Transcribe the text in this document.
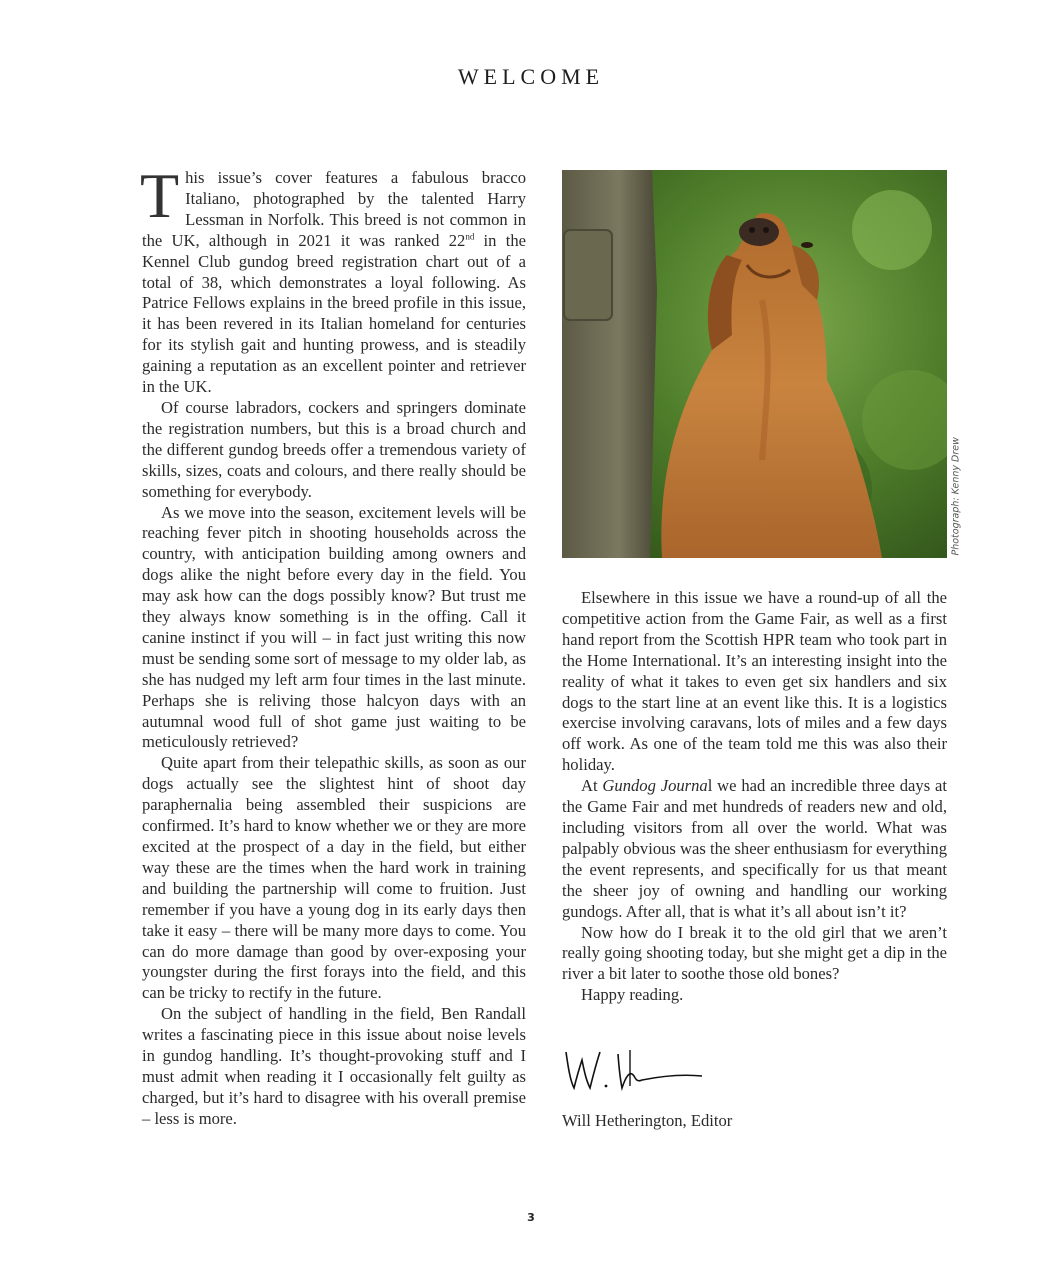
WELCOME

This issue’s cover features a fabulous bracco Italiano, photographed by the talented Harry Lessman in Norfolk. This breed is not common in the UK, although in 2021 it was ranked 22nd in the Kennel Club gundog breed registration chart out of a total of 38, which demonstrates a loyal following. As Patrice Fellows explains in the breed profile in this issue, it has been revered in its Italian homeland for centuries for its stylish gait and hunting prowess, and is steadily gaining a reputation as an excellent pointer and retriever in the UK.

Of course labradors, cockers and springers dominate the registration numbers, but this is a broad church and the different gundog breeds offer a tremendous variety of skills, sizes, coats and colours, and there really should be something for everybody.

As we move into the season, excitement levels will be reaching fever pitch in shooting households across the country, with anticipation building among owners and dogs alike the night before every day in the field. You may ask how can the dogs possibly know? But trust me they always know something is in the offing. Call it canine instinct if you will – in fact just writing this now must be sending some sort of message to my older lab, as she has nudged my left arm four times in the last minute. Perhaps she is reliving those halcyon days with an autumnal wood full of shot game just waiting to be meticulously retrieved?

Quite apart from their telepathic skills, as soon as our dogs actually see the slightest hint of shoot day paraphernalia being assembled their suspicions are confirmed. It’s hard to know whether we or they are more excited at the prospect of a day in the field, but either way these are the times when the hard work in training and building the partnership will come to fruition. Just remember if you have a young dog in its early days then take it easy – there will be many more days to come. You can do more damage than good by over-exposing your youngster during the first forays into the field, and this can be tricky to rectify in the future.

On the subject of handling in the field, Ben Randall writes a fascinating piece in this issue about noise levels in gundog handling. It’s thought-provoking stuff and I must admit when reading it I occasionally felt guilty as charged, but it’s hard to disagree with his overall premise – less is more.

Photograph: Kenny Drew

Elsewhere in this issue we have a round-up of all the competitive action from the Game Fair, as well as a first hand report from the Scottish HPR team who took part in the Home International. It’s an interesting insight into the reality of what it takes to even get six handlers and six dogs to the start line at an event like this. It is a logistics exercise involving caravans, lots of miles and a few days off work. As one of the team told me this was also their holiday.

At Gundog Journal we had an incredible three days at the Game Fair and met hundreds of readers new and old, including visitors from all over the world. What was palpably obvious was the sheer enthusiasm for everything the event represents, and specifically for us that meant the sheer joy of owning and handling our working gundogs. After all, that is what it’s all about isn’t it?

Now how do I break it to the old girl that we aren’t really going shooting today, but she might get a dip in the river a bit later to soothe those old bones?

Happy reading.

Will Hetherington, Editor
3
